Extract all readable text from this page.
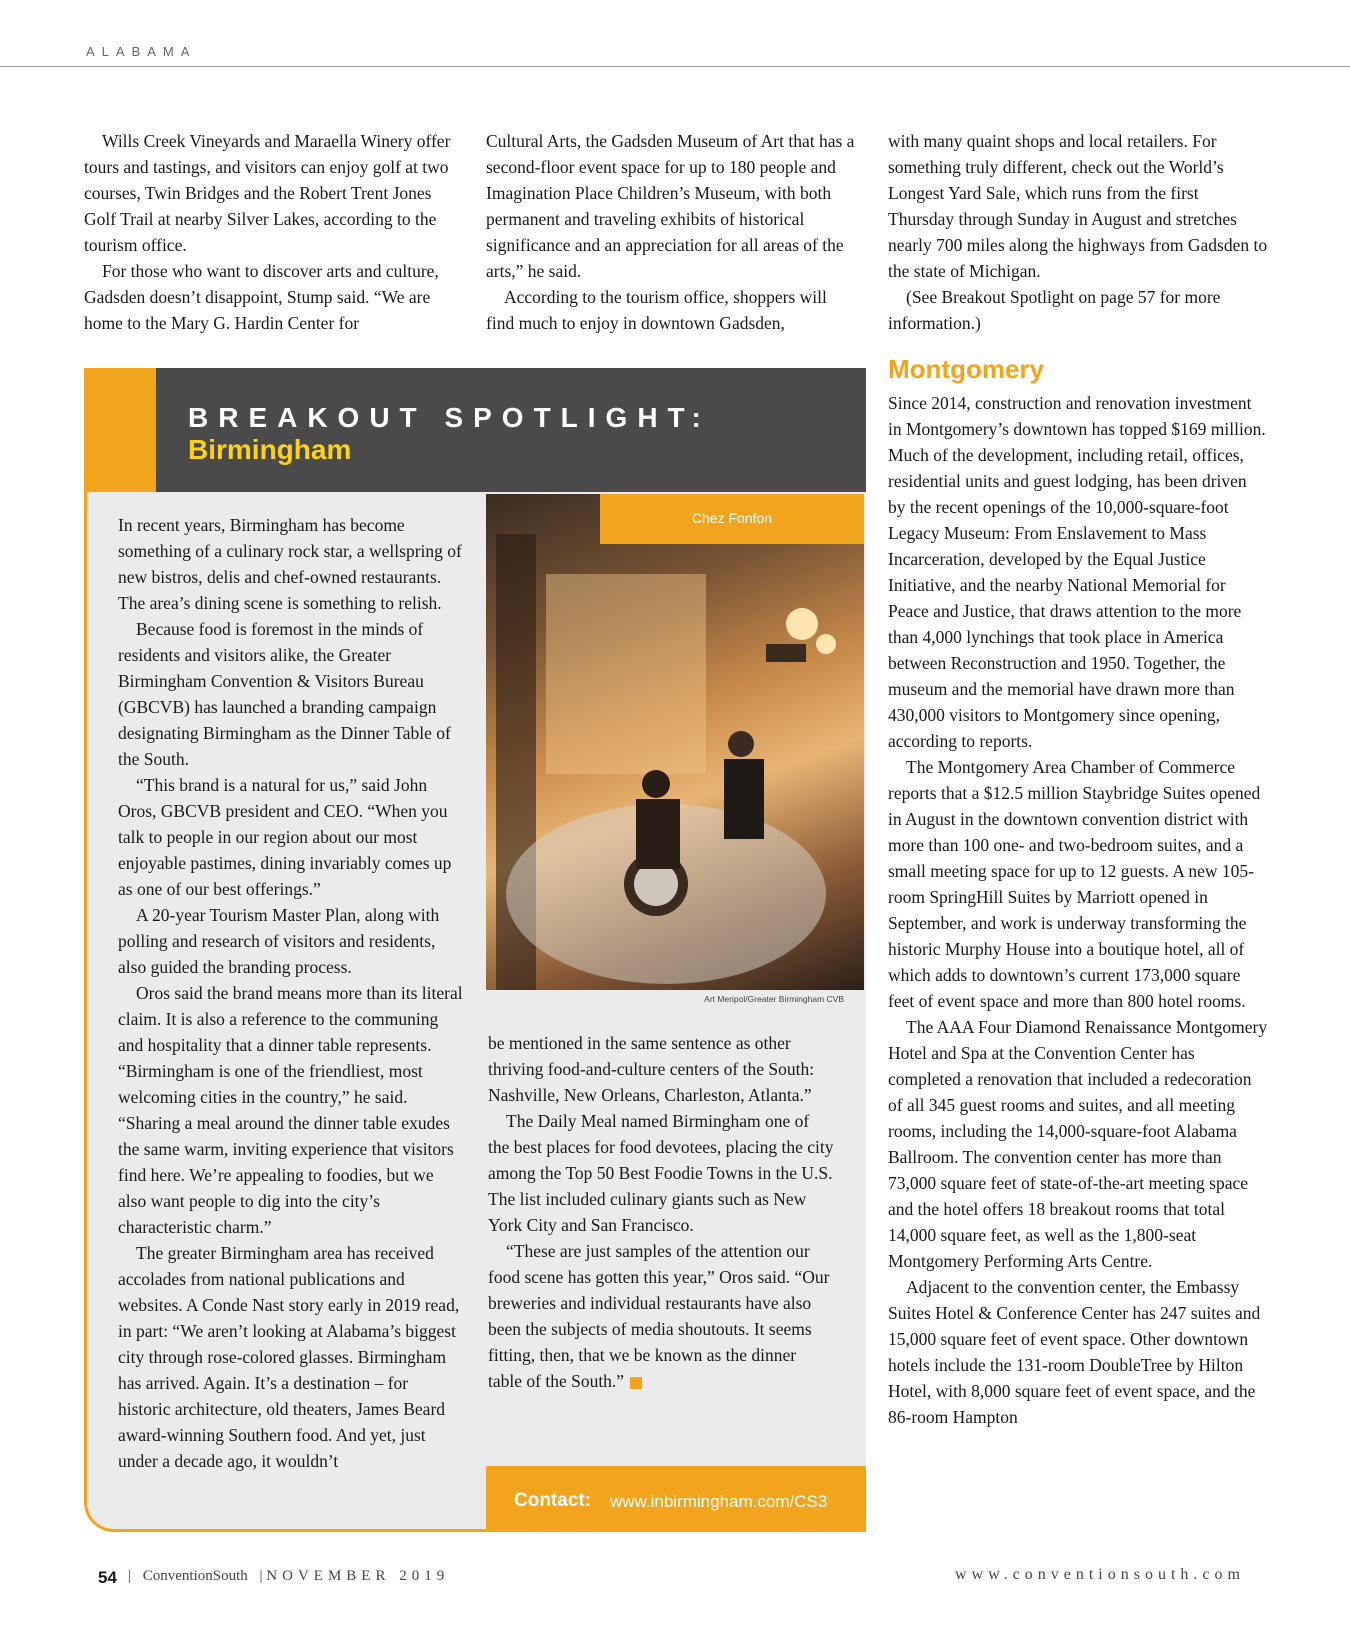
ALABAMA

Wills Creek Vineyards and Maraella Winery offer tours and tastings, and visitors can enjoy golf at two courses, Twin Bridges and the Robert Trent Jones Golf Trail at nearby Silver Lakes, according to the tourism office.

For those who want to discover arts and culture, Gadsden doesn’t disappoint, Stump said. “We are home to the Mary G. Hardin Center for

Cultural Arts, the Gadsden Museum of Art that has a second-floor event space for up to 180 people and Imagination Place Children’s Museum, with both permanent and traveling exhibits of historical significance and an appreciation for all areas of the arts,” he said.

According to the tourism office, shoppers will find much to enjoy in downtown Gadsden,

with many quaint shops and local retailers. For something truly different, check out the World’s Longest Yard Sale, which runs from the first Thursday through Sunday in August and stretches nearly 700 miles along the highways from Gadsden to the state of Michigan.

(See Breakout Spotlight on page 57 for more information.)

Montgomery

Since 2014, construction and renovation investment in Montgomery’s downtown has topped $169 million. Much of the development, including retail, offices, residential units and guest lodging, has been driven by the recent openings of the 10,000-square-foot Legacy Museum: From Enslavement to Mass Incarceration, developed by the Equal Justice Initiative, and the nearby National Memorial for Peace and Justice, that draws attention to the more than 4,000 lynchings that took place in America between Reconstruction and 1950. Together, the museum and the memorial have drawn more than 430,000 visitors to Montgomery since opening, according to reports.

The Montgomery Area Chamber of Commerce reports that a $12.5 million Staybridge Suites opened in August in the downtown convention district with more than 100 one- and two-bedroom suites, and a small meeting space for up to 12 guests. A new 105-room SpringHill Suites by Marriott opened in September, and work is underway transforming the historic Murphy House into a boutique hotel, all of which adds to downtown’s current 173,000 square feet of event space and more than 800 hotel rooms.

The AAA Four Diamond Renaissance Montgomery Hotel and Spa at the Convention Center has completed a renovation that included a redecoration of all 345 guest rooms and suites, and all meeting rooms, including the 14,000-square-foot Alabama Ballroom. The convention center has more than 73,000 square feet of state-of-the-art meeting space and the hotel offers 18 breakout rooms that total 14,000 square feet, as well as the 1,800-seat Montgomery Performing Arts Centre.

Adjacent to the convention center, the Embassy Suites Hotel & Conference Center has 247 suites and 15,000 square feet of event space. Other downtown hotels include the 131-room DoubleTree by Hilton Hotel, with 8,000 square feet of event space, and the 86-room Hampton

BREAKOUT SPOTLIGHT:
Birmingham

In recent years, Birmingham has become something of a culinary rock star, a wellspring of new bistros, delis and chef-owned restaurants. The area’s dining scene is something to relish.

Because food is foremost in the minds of residents and visitors alike, the Greater Birmingham Convention & Visitors Bureau (GBCVB) has launched a branding campaign designating Birmingham as the Dinner Table of the South.

“This brand is a natural for us,” said John Oros, GBCVB president and CEO. “When you talk to people in our region about our most enjoyable pastimes, dining invariably comes up as one of our best offerings.”

A 20-year Tourism Master Plan, along with polling and research of visitors and residents, also guided the branding process.

Oros said the brand means more than its literal claim. It is also a reference to the communing and hospitality that a dinner table represents. “Birmingham is one of the friendliest, most welcoming cities in the country,” he said. “Sharing a meal around the dinner table exudes the same warm, inviting experience that visitors find here. We’re appealing to foodies, but we also want people to dig into the city’s characteristic charm.”

The greater Birmingham area has received accolades from national publications and websites. A Conde Nast story early in 2019 read, in part: “We aren’t looking at Alabama’s biggest city through rose-colored glasses. Birmingham has arrived. Again. It’s a destination – for historic architecture, old theaters, James Beard award-winning Southern food. And yet, just under a decade ago, it wouldn’t

Chez Fonfon
Art Meripol/Greater Birmingham CVB

be mentioned in the same sentence as other thriving food-and-culture centers of the South: Nashville, New Orleans, Charleston, Atlanta.”

The Daily Meal named Birmingham one of the best places for food devotees, placing the city among the Top 50 Best Foodie Towns in the U.S. The list included culinary giants such as New York City and San Francisco.

“These are just samples of the attention our food scene has gotten this year,” Oros said. “Our breweries and individual restaurants have also been the subjects of media shoutouts. It seems fitting, then, that we be known as the dinner table of the South.”

Contact: www.inbirmingham.com/CS3
54 | ConventionSouth | NOVEMBER 2019	www.conventionsouth.com
